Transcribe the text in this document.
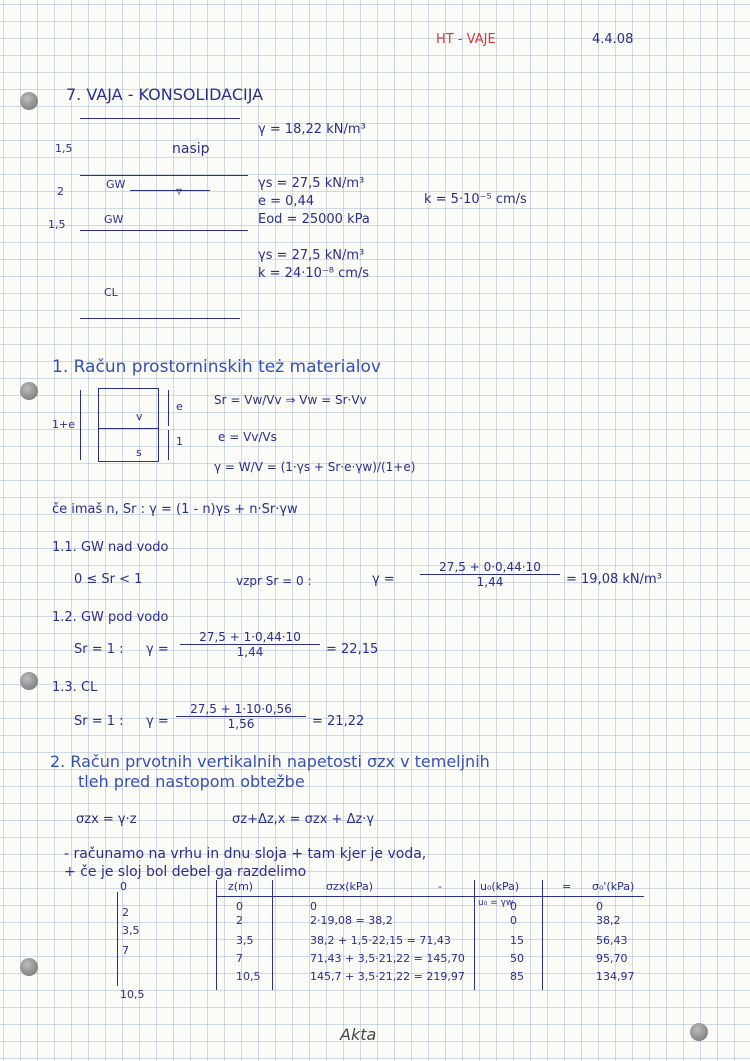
HT - VAJE	4.4.08
7. VAJA - KONSOLIDACIJA
▿
1,5
2
1,5
nasip
GW
GW
CL
γ = 18,22 kN/m³
γs = 27,5 kN/m³
e = 0,44
Eod = 25000 kPa
k = 5·10⁻⁵ cm/s
γs = 27,5 kN/m³
k = 24·10⁻⁸ cm/s
1. Račun prostorninskih też materialov
1+e
v
s
e
1
Sr = Vw/Vv ⇒ Vw = Sr·Vv
e = Vv/Vs
γ = W/V = (1·γs + Sr·e·γw)/(1+e)
če imaš n, Sr : γ = (1 - n)γs + n·Sr·γw
1.1. GW nad vodo
0 ≤ Sr < 1	vzpr Sr = 0 :	$\gamma = \frac{27,5 + 0\cdot 0,44\cdot 10}{1,44} = 19,08$ kN/m³
1.2. GW pod vodo
Sr = 1 : $\gamma = \frac{27,5 + 1\cdot 0,44\cdot 10}{1,44} = 22,15$
1.3. CL
Sr = 1 : $\gamma = \frac{27,5 + 1\cdot 10\cdot 0,56}{1,56} = 21,22$
2. Račun prvotnih vertikalnih napetosti σzx v temeljnih
tleh pred nastopom obtežbe
σzx = γ·z	σz+Δz,x = σzx + Δz·γ
- računamo na vrhu in dnu sloja + tam kjer je voda,
+ če je sloj bol debel ga razdelimo
0
2
3,5
7
10,5
z(m)	σzx(kPa)	-	u₀(kPa)	= σ₀'(kPa)
u₀ = γw
0	0	0	0
2	2·19,08 = 38,2	0	38,2
3,5	38,2 + 1,5·22,15 = 71,43	15	56,43
7	71,43 + 3,5·21,22 = 145,70	50	95,70
10,5	145,7 + 3,5·21,22 = 219,97	85	134,97
Akta
